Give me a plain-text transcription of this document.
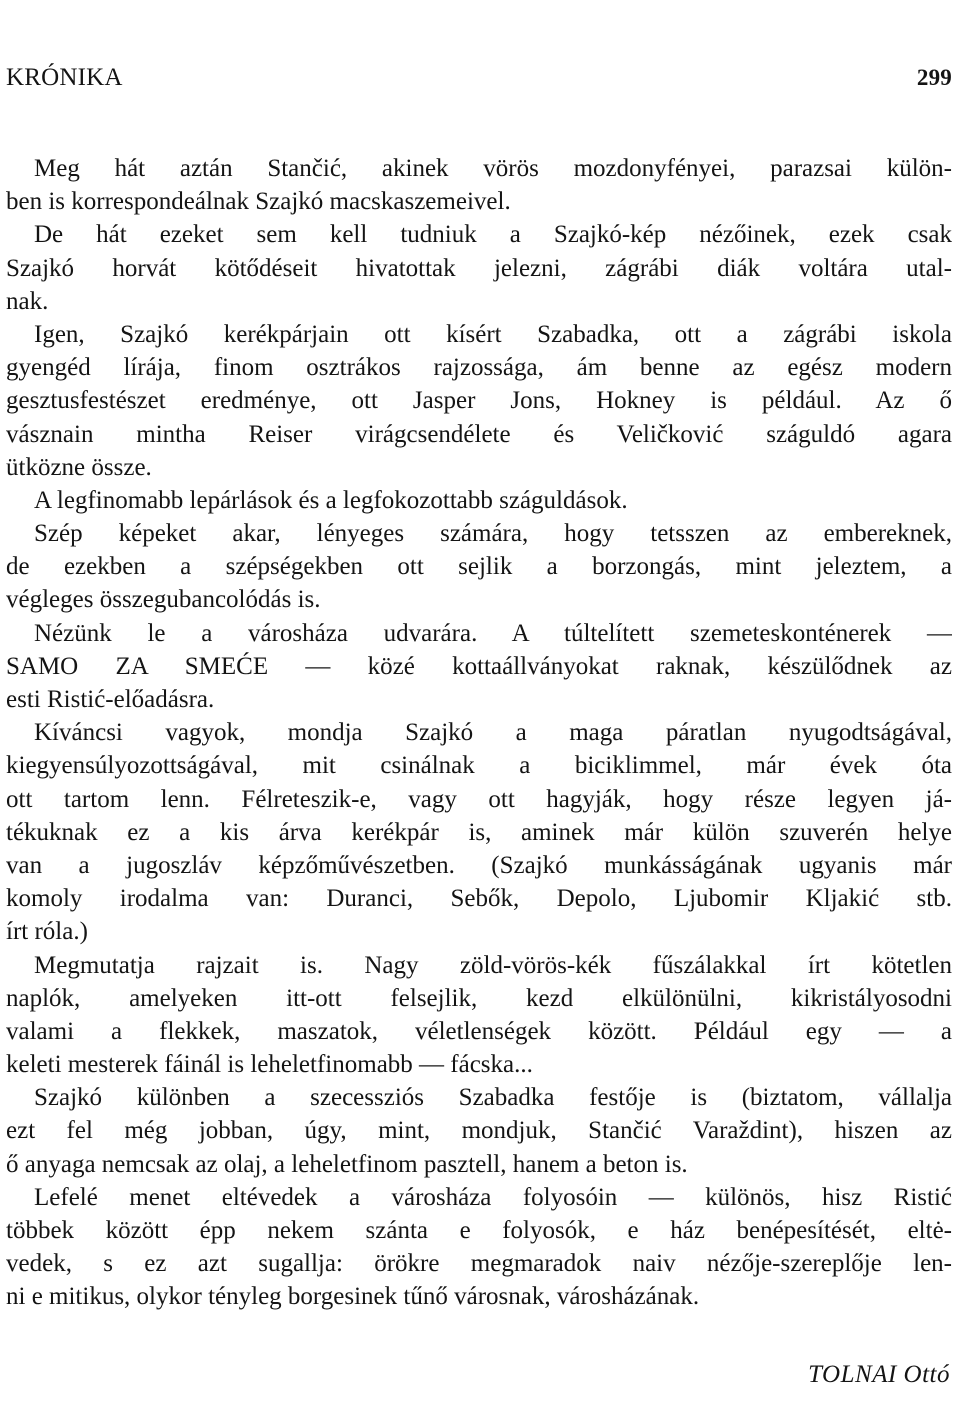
KRÓNIKA	299
Meg hát aztán Stančić, akinek vörös mozdonyfényei, parazsai külön-
ben is korrespondeálnak Szajkó macskaszemeivel.
De hát ezeket sem kell tudniuk a Szajkó-kép nézőinek, ezek csak
Szajkó horvát kötődéseit hivatottak jelezni, zágrábi diák voltára utal-
nak.
Igen, Szajkó kerékpárjain ott kísért Szabadka, ott a zágrábi iskola
gyengéd lírája, finom osztrákos rajzossága, ám benne az egész modern
gesztusfestészet eredménye, ott Jasper Jons, Hokney is például. Az ő
vásznain mintha Reiser virágcsendélete és Veličković száguldó agara
ütközne össze.
A legfinomabb lepárlások és a legfokozottabb száguldások.
Szép képeket akar, lényeges számára, hogy tetsszen az embereknek,
de ezekben a szépségekben ott sejlik a borzongás, mint jeleztem, a
végleges összegubancolódás is.
Nézünk le a városháza udvarára. A túltelített szemeteskonténerek —
SAMO ZA SMEĆE — közé kottaállványokat raknak, készülődnek az
esti Ristić-előadásra.
Kíváncsi vagyok, mondja Szajkó a maga páratlan nyugodtságával,
kiegyensúlyozottságával, mit csinálnak a biciklimmel, már évek óta
ott tartom lenn. Félreteszik-e, vagy ott hagyják, hogy része legyen já-
tékuknak ez a kis árva kerékpár is, aminek már külön szuverén helye
van a jugoszláv képzőművészetben. (Szajkó munkásságának ugyanis már
komoly irodalma van: Duranci, Sebők, Depolo, Ljubomir Kljakić stb.
írt róla.)
Megmutatja rajzait is. Nagy zöld-vörös-kék fűszálakkal írt kötetlen
naplók, amelyeken itt-ott felsejlik, kezd elkülönülni, kikristályosodni
valami a flekkek, maszatok, véletlenségek között. Például egy — a
keleti mesterek fáinál is leheletfinomabb — fácska...
Szajkó különben a szecessziós Szabadka festője is (biztatom, vállalja
ezt fel még jobban, úgy, mint, mondjuk, Stančić Varaždint), hiszen az
ő anyaga nemcsak az olaj, a leheletfinom pasztell, hanem a beton is.
Lefelé menet eltévedek a városháza folyosóin — különös, hisz Ristić
többek között épp nekem szánta e folyosók, e ház benépesítését, eltė-
vedek, s ez azt sugallja: örökre megmaradok naiv nézője-szereplője len-
ni e mitikus, olykor tényleg borgesinek tűnő városnak, városházának.
TOLNAI Ottó
